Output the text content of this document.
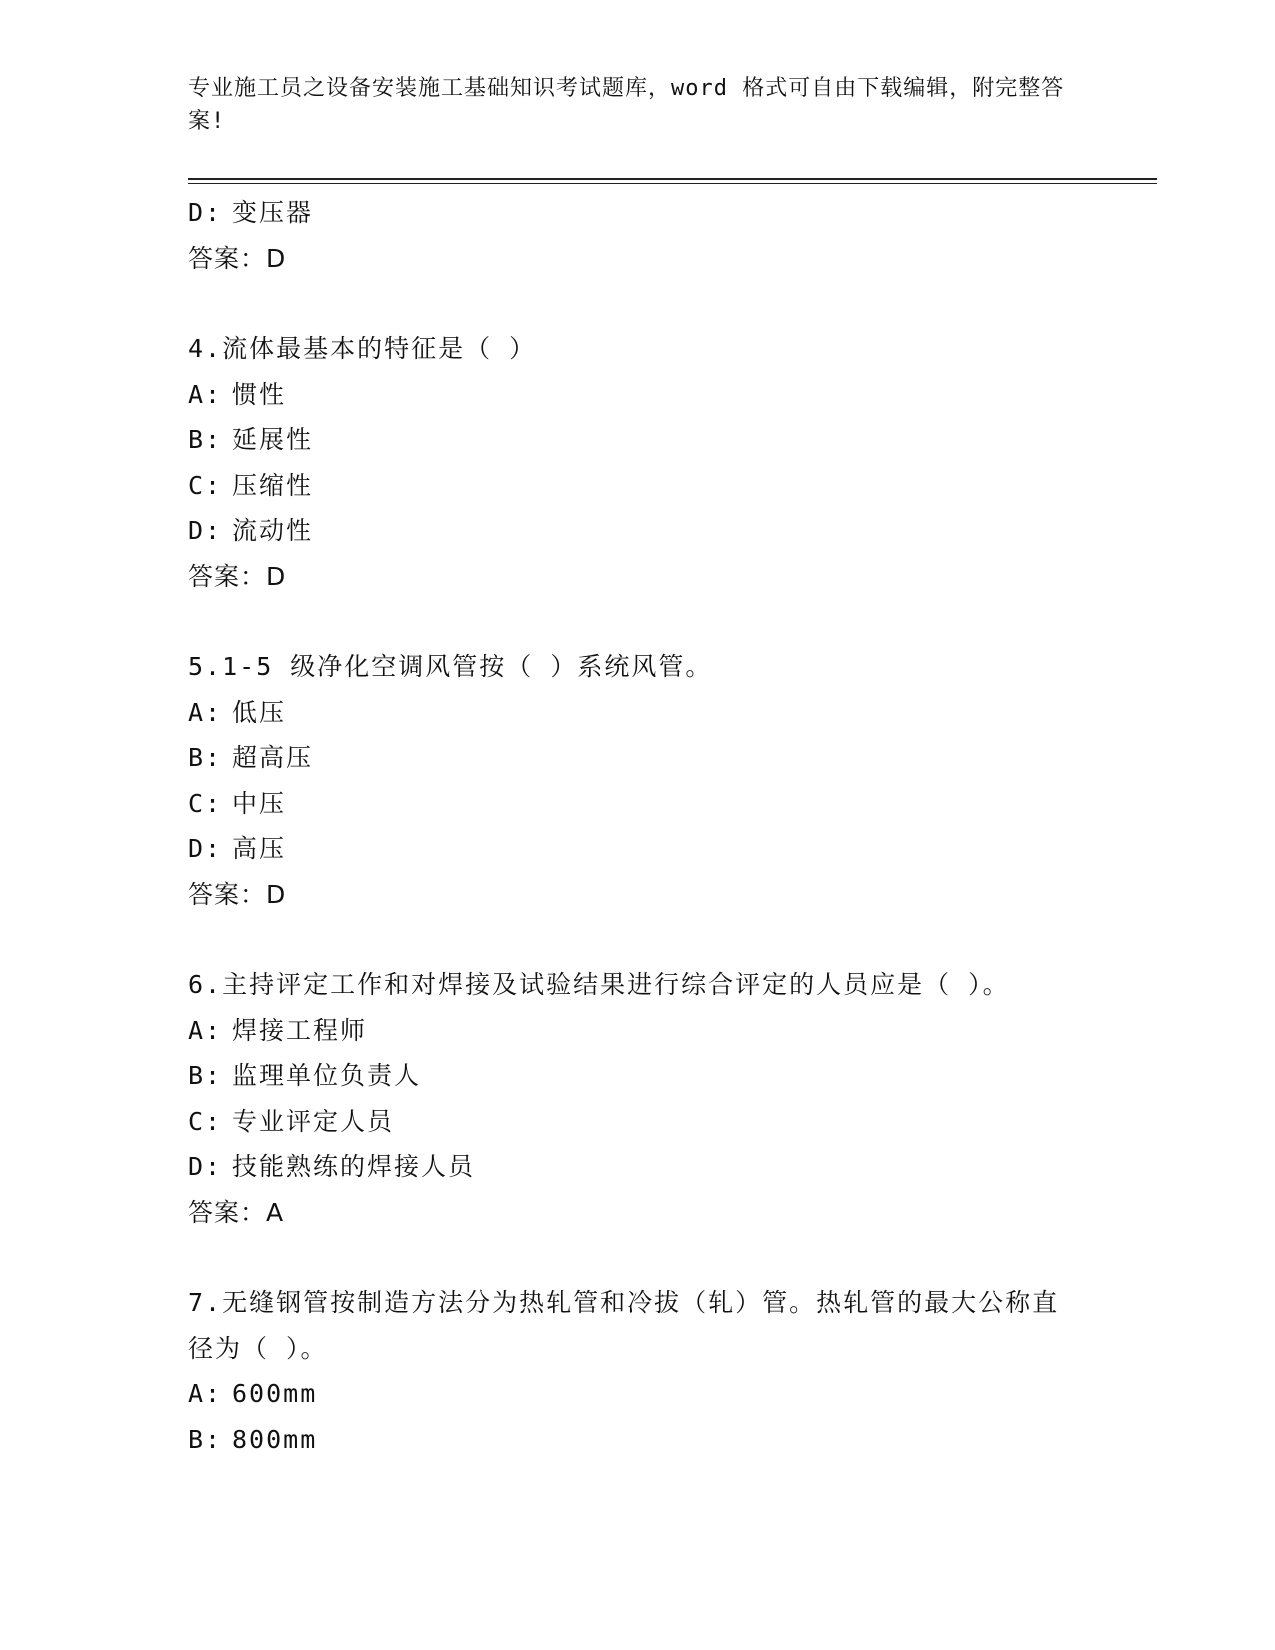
专业施工员之设备安装施工基础知识考试题库，word 格式可自由下载编辑，附完整答案!
D: 变压器
答案：D
4.流体最基本的特征是（ ）
A: 惯性
B: 延展性
C: 压缩性
D: 流动性
答案：D
5.1-5 级净化空调风管按（ ）系统风管。
A: 低压
B: 超高压
C: 中压
D: 高压
答案：D
6.主持评定工作和对焊接及试验结果进行综合评定的人员应是（ ）。
A: 焊接工程师
B: 监理单位负责人
C: 专业评定人员
D: 技能熟练的焊接人员
答案：A
7.无缝钢管按制造方法分为热轧管和冷拔（轧）管。热轧管的最大公称直径为（ ）。
A: 600mm
B: 800mm
